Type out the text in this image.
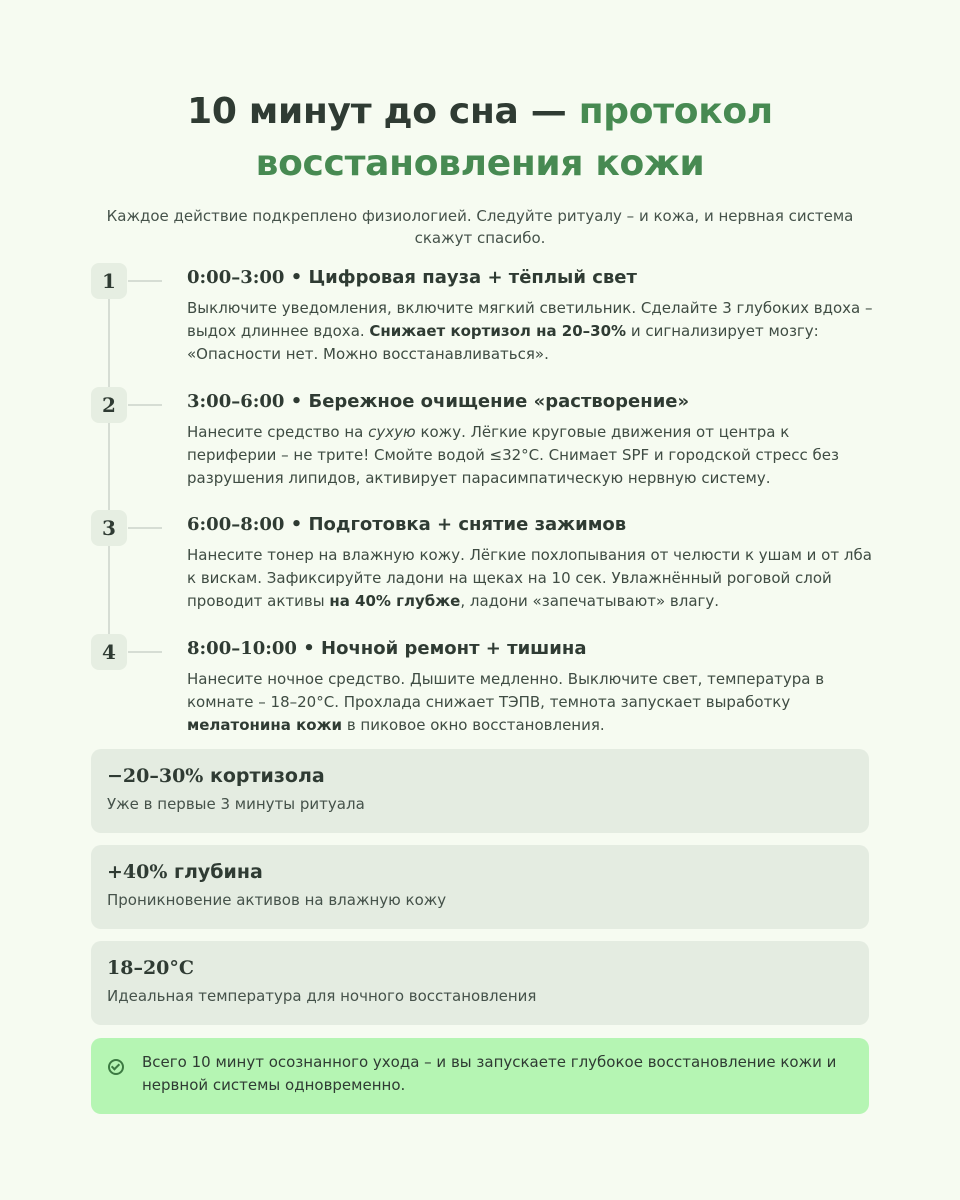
10 минут до сна — протокол
восстановления кожи

Каждое действие подкреплено физиологией. Следуйте ритуалу – и кожа, и нервная система скажут спасибо.

1	0:00–3:00 • Цифровая пауза + тёплый свет

Выключите уведомления, включите мягкий светильник. Сделайте 3 глубоких вдоха – выдох длиннее вдоха. Снижает кортизол на 20–30% и сигнализирует мозгу: «Опасности нет. Можно восстанавливаться».

2	3:00–6:00 • Бережное очищение «растворение»

Нанесите средство на сухую кожу. Лёгкие круговые движения от центра к периферии – не трите! Смойте водой ≤32°C. Снимает SPF и городской стресс без разрушения липидов, активирует парасимпатическую нервную систему.

3	6:00–8:00 • Подготовка + снятие зажимов

Нанесите тонер на влажную кожу. Лёгкие похлопывания от челюсти к ушам и от лба к вискам. Зафиксируйте ладони на щеках на 10 сек. Увлажнённый роговой слой проводит активы на 40% глубже, ладони «запечатывают» влагу.

4	8:00–10:00 • Ночной ремонт + тишина

Нанесите ночное средство. Дышите медленно. Выключите свет, температура в комнате – 18–20°C. Прохлада снижает ТЭПВ, темнота запускает выработку мелатонина кожи в пиковое окно восстановления.

−20–30% кортизола
Уже в первые 3 минуты ритуала
+40% глубина
Проникновение активов на влажную кожу
18–20°C
Идеальная температура для ночного восстановления

Всего 10 минут осознанного ухода – и вы запускаете глубокое восстановление кожи и нервной системы одновременно.
